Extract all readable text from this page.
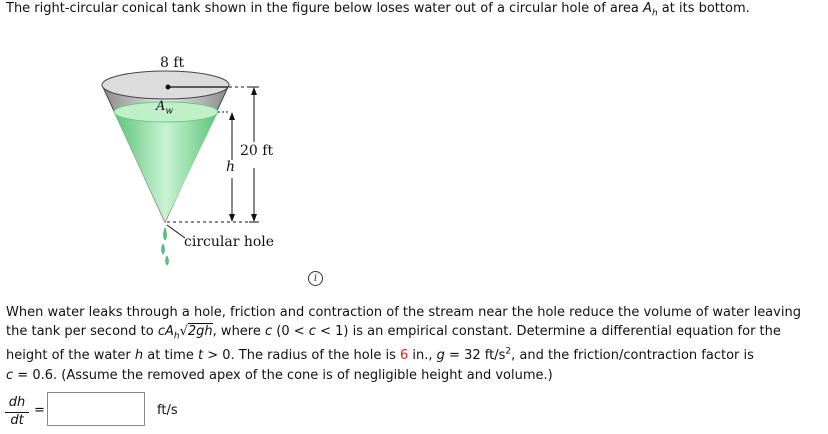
The right-circular conical tank shown in the figure below loses water out of a circular hole of area $A_h$ at its bottom.
8 ft
$A_w$
20 ft
h
circular hole
i
When water leaks through a hole, friction and contraction of the stream near the hole reduce the volume of water leaving
the tank per second to $cA_h√2gh$, where c (0 < c < 1) is an empirical constant. Determine a differential equation for the
height of the water h at time t > 0. The radius of the hole is 6 in., g = 32 $ft/s^2$, and the friction/contraction factor is
c = 0.6. (Assume the removed apex of the cone is of negligible height and volume.)
$\frac{dh}{dt}$ =	ft/s
